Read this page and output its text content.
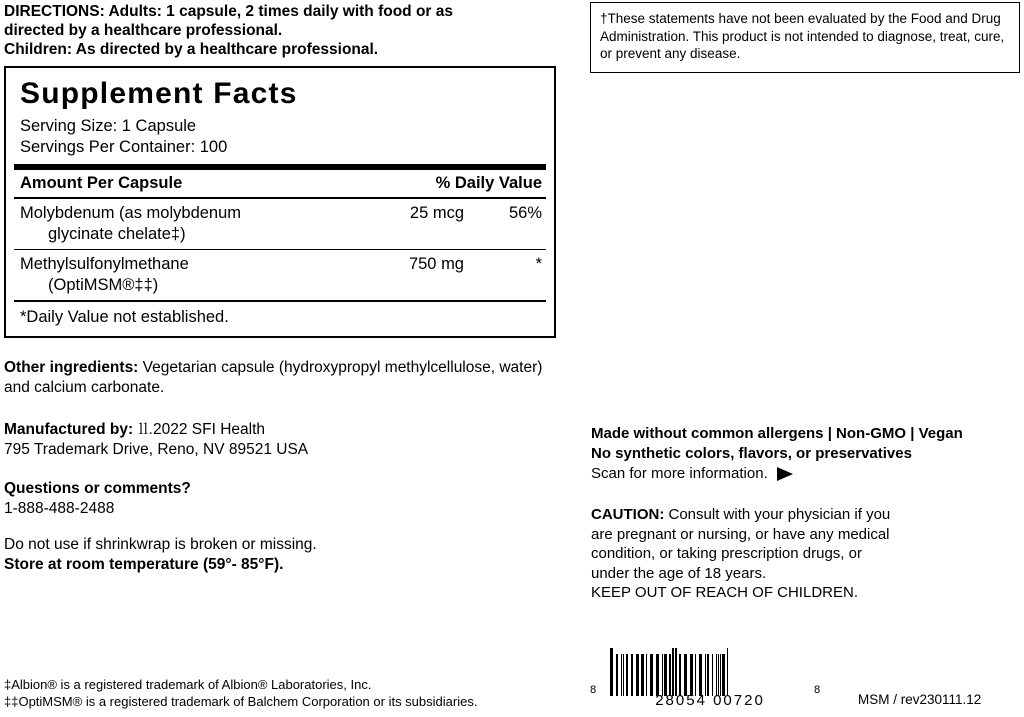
DIRECTIONS: Adults: 1 capsule, 2 times daily with food or as directed by a healthcare professional.
Children: As directed by a healthcare professional.
Supplement Facts
Serving Size: 1 Capsule
Servings Per Container: 100
Amount Per Capsule	% Daily Value
Molybdenum (as molybdenum
glycinate chelate‡)
25 mcg	56%
Methylsulfonylmethane
(OptiMSM®‡‡)
750 mg	*
*Daily Value not established.
Other ingredients: Vegetarian capsule (hydroxypropyl methylcellulose, water) and calcium carbonate.
Manufactured by: ⒒2022 SFI Health
795 Trademark Drive, Reno, NV 89521 USA
Questions or comments?
1-888-488-2488
Do not use if shrinkwrap is broken or missing.
Store at room temperature (59°- 85°F).
‡Albion® is a registered trademark of Albion® Laboratories, Inc.
‡‡OptiMSM® is a registered trademark of Balchem Corporation or its subsidiaries.
†These statements have not been evaluated by the Food and Drug Administration. This product is not intended to diagnose, treat, cure, or prevent any disease.
Made without common allergens | Non-GMO | Vegan
No synthetic colors, flavors, or preservatives
Scan for more information.
CAUTION: Consult with your physician if you are pregnant or nursing, or have any medical condition, or taking prescription drugs, or under the age of 18 years.
KEEP OUT OF REACH OF CHILDREN.
8	8
28054 00720	MSM / rev230111.12
